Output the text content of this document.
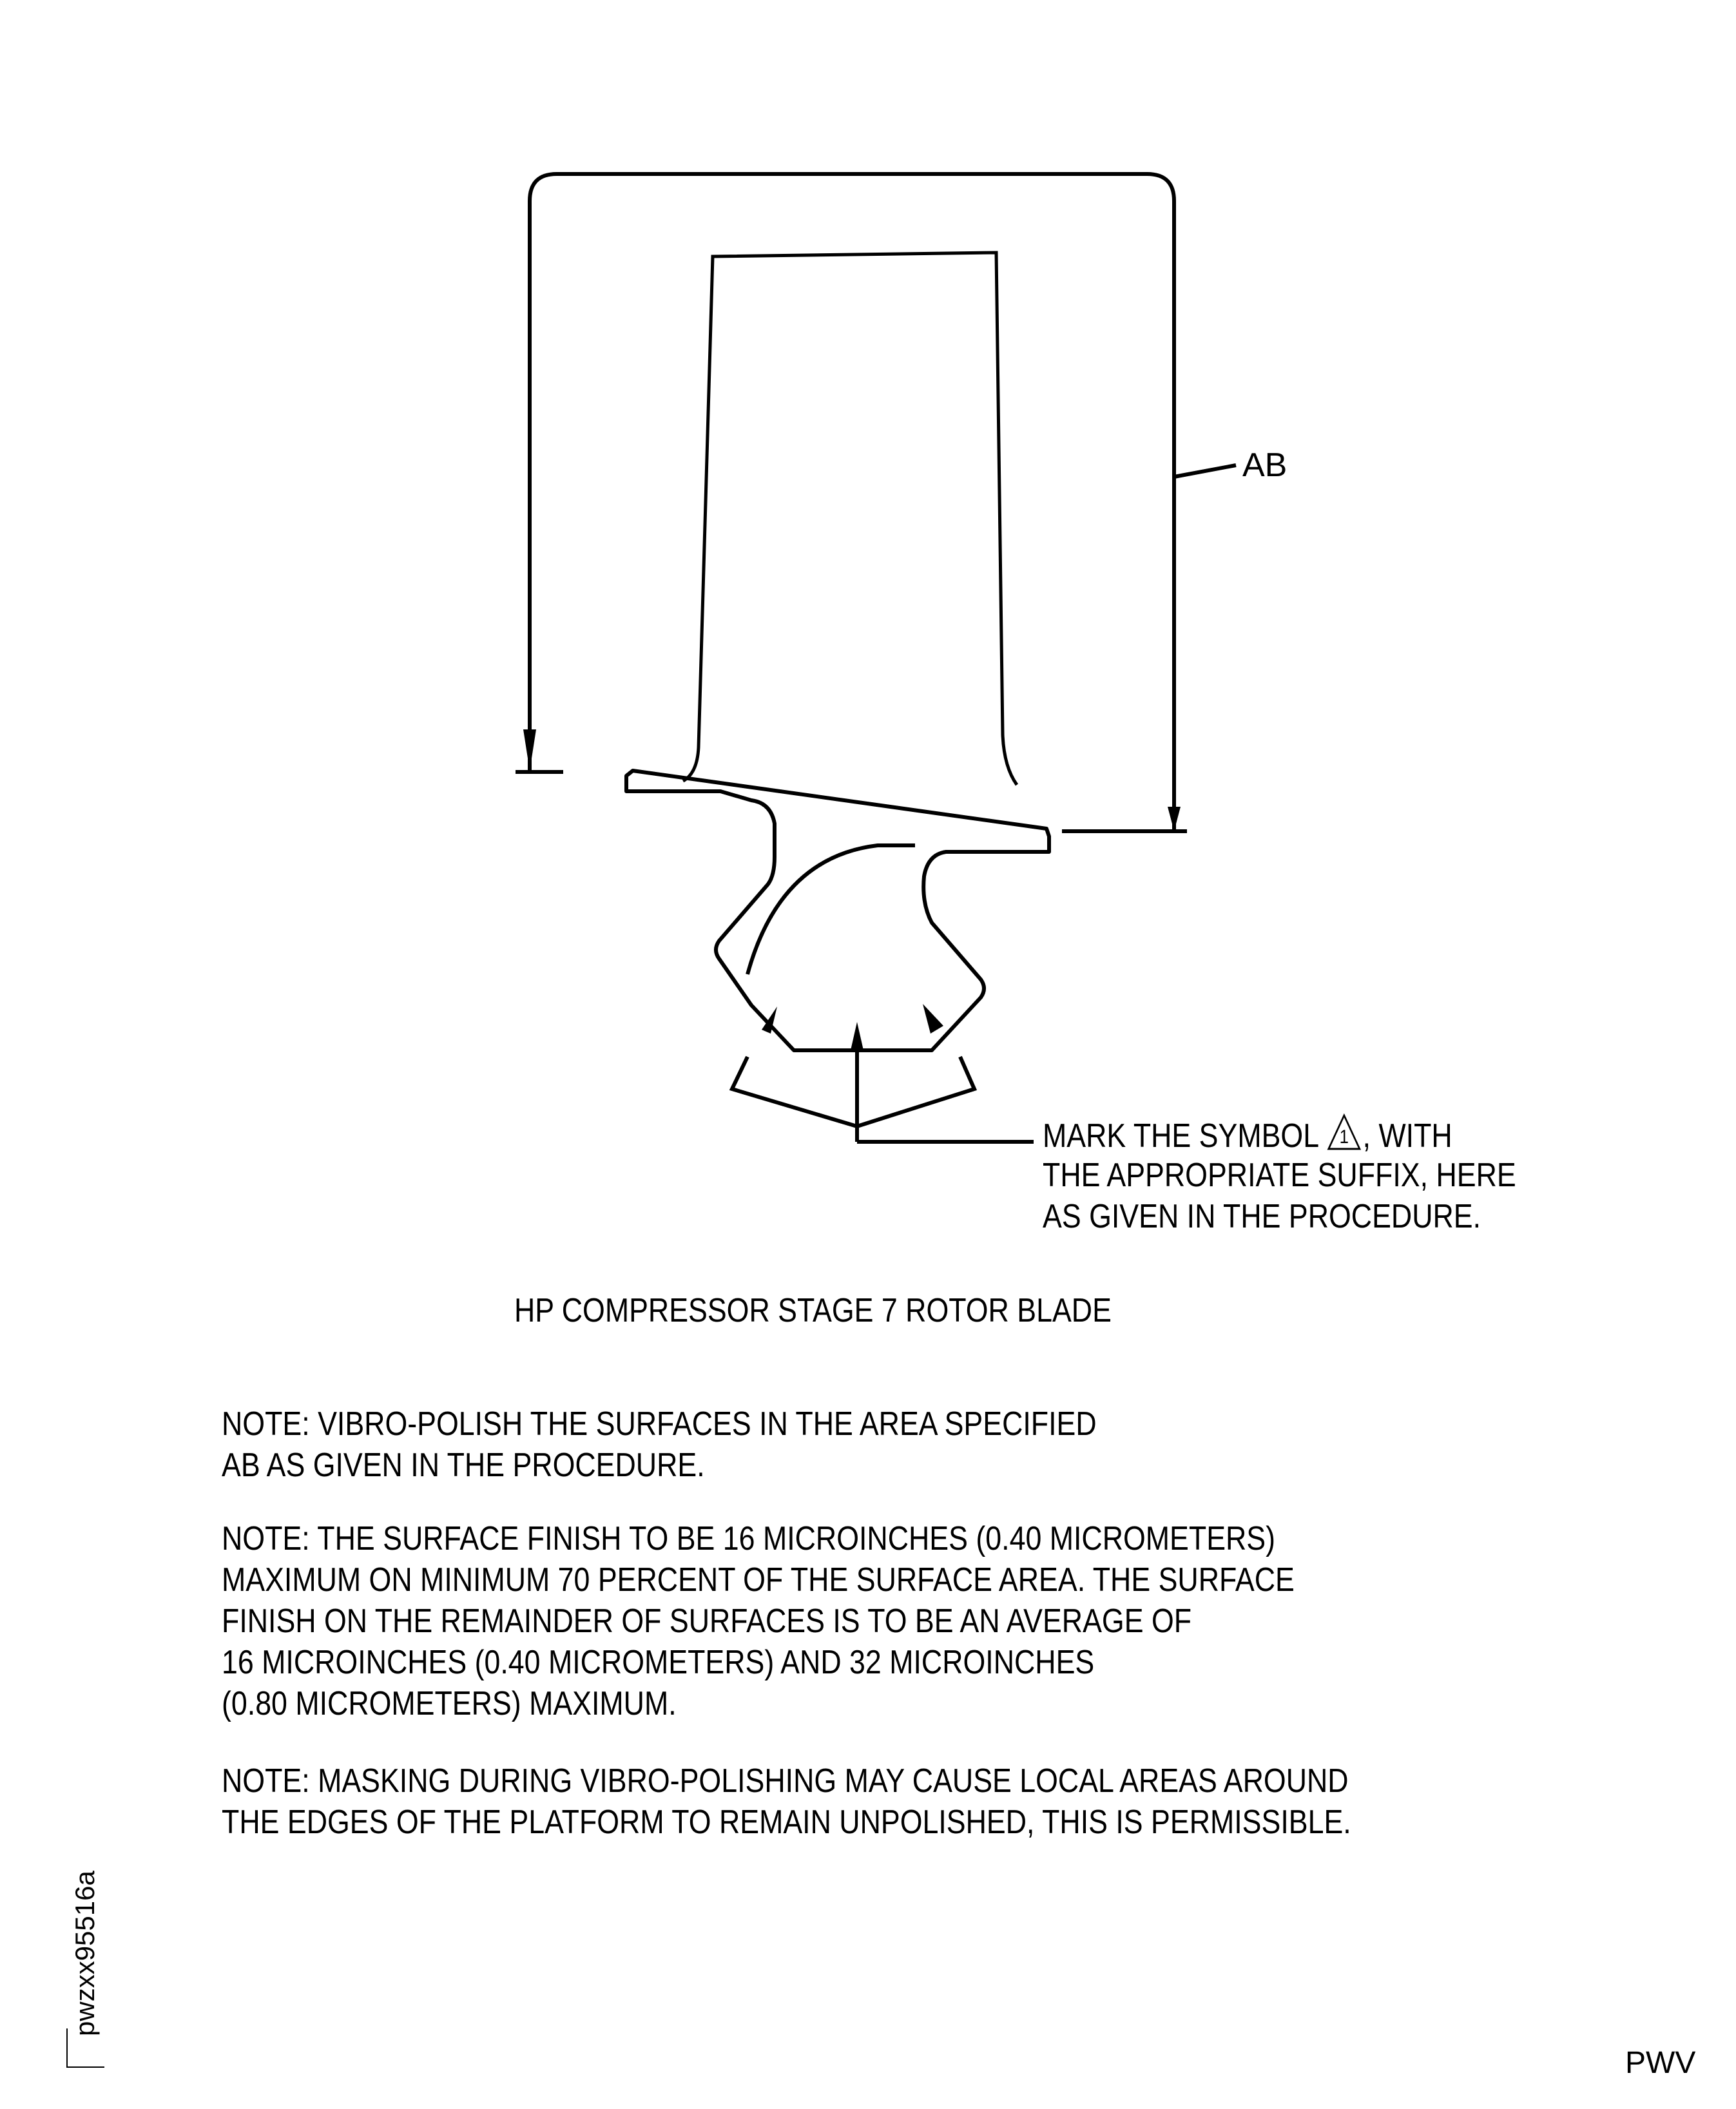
AB
MARK THE SYMBOL 1 , WITH
THE APPROPRIATE SUFFIX, HERE
AS GIVEN IN THE PROCEDURE.
HP COMPRESSOR STAGE 7 ROTOR BLADE
NOTE: VIBRO-POLISH THE SURFACES IN THE AREA SPECIFIED
AB AS GIVEN IN THE PROCEDURE.
NOTE: THE SURFACE FINISH TO BE 16 MICROINCHES (0.40 MICROMETERS)
MAXIMUM ON MINIMUM 70 PERCENT OF THE SURFACE AREA. THE SURFACE
FINISH ON THE REMAINDER OF SURFACES IS TO BE AN AVERAGE OF
16 MICROINCHES (0.40 MICROMETERS) AND 32 MICROINCHES
(0.80 MICROMETERS) MAXIMUM.
NOTE: MASKING DURING VIBRO-POLISHING MAY CAUSE LOCAL AREAS AROUND
THE EDGES OF THE PLATFORM TO REMAIN UNPOLISHED, THIS IS PERMISSIBLE.
pwzxx95516a
PWV
